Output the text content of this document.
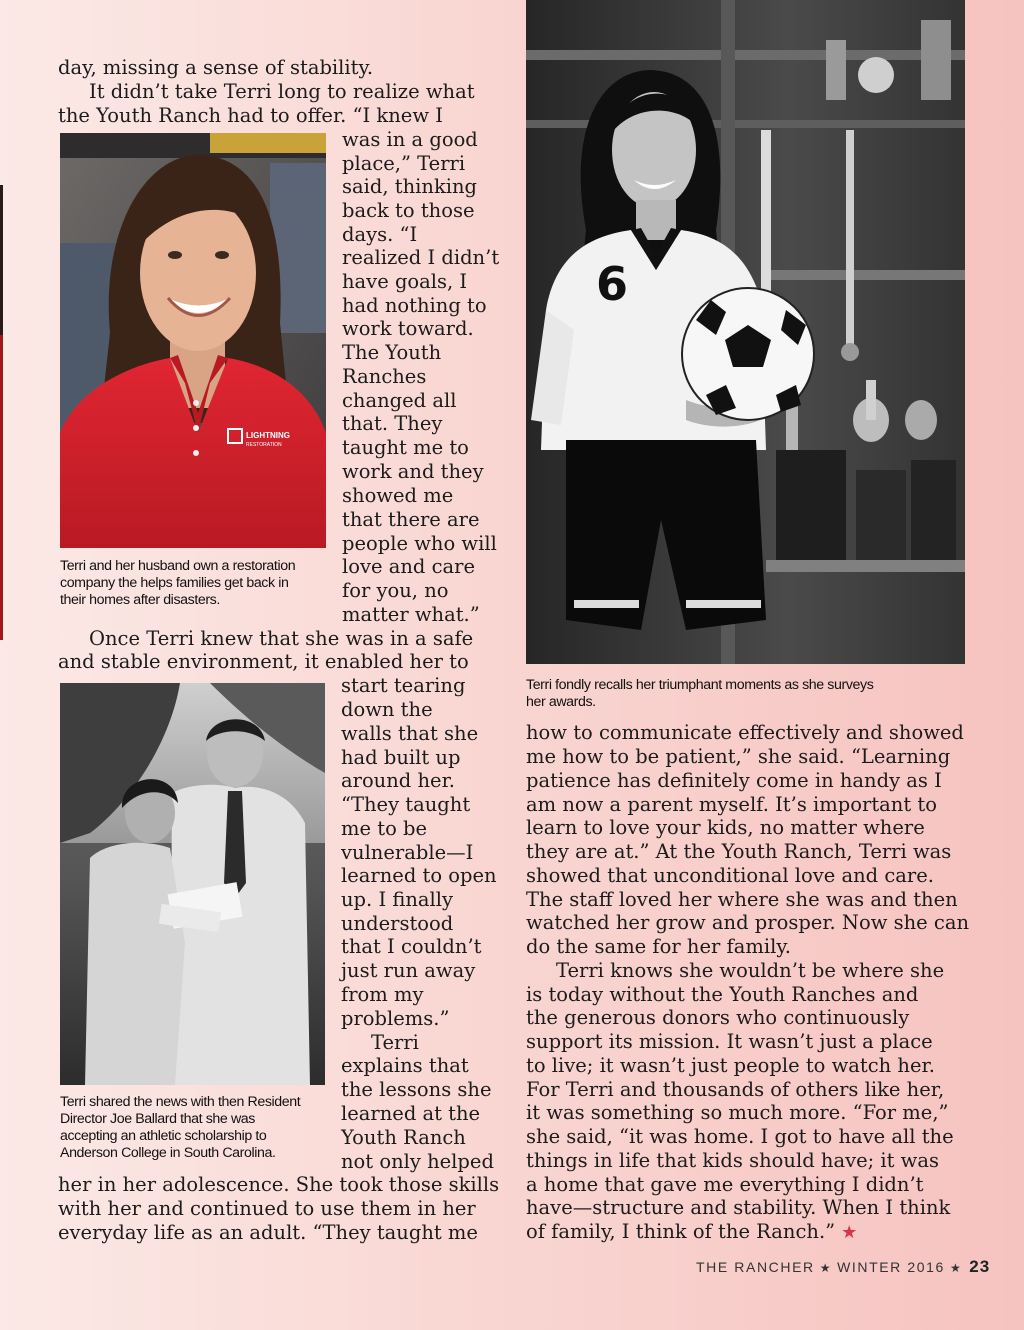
day, missing a sense of stability.
It didn’t take Terri long to realize what
the Youth Ranch had to offer. “I knew I
was in a good
place,” Terri
said, thinking
back to those
days. “I
realized I didn’t
have goals, I
had nothing to
work toward.
The Youth
Ranches
changed all
that. They
taught me to
work and they
showed me
that there are
people who will
love and care
for you, no
matter what.”
Once Terri knew that she was in a safe
and stable environment, it enabled her to
start tearing
down the
walls that she
had built up
around her.
“They taught
me to be
vulnerable—I
learned to open
up. I finally
understood
that I couldn’t
just run away
from my
problems.”
Terri
explains that
the lessons she
learned at the
Youth Ranch
not only helped
her in her adolescence. She took those skills
with her and continued to use them in her
everyday life as an adult. “They taught me
how to communicate effectively and showed
me how to be patient,” she said. “Learning
patience has definitely come in handy as I
am now a parent myself. It’s important to
learn to love your kids, no matter where
they are at.” At the Youth Ranch, Terri was
showed that unconditional love and care.
The staff loved her where she was and then
watched her grow and prosper. Now she can
do the same for her family.
Terri knows she wouldn’t be where she
is today without the Youth Ranches and
the generous donors who continuously
support its mission. It wasn’t just a place
to live; it wasn’t just people to watch her.
For Terri and thousands of others like her,
it was something so much more. “For me,”
she said, “it was home. I got to have all the
things in life that kids should have; it was
a home that gave me everything I didn’t
have—structure and stability. When I think
of family, I think of the Ranch.” ★
LIGHTNING
RESTORATION
Terri and her husband own a restoration
company the helps families get back in
their homes after disasters.
Terri shared the news with then Resident
Director Joe Ballard that she was
accepting an athletic scholarship to
Anderson College in South Carolina.
6
Terri fondly recalls her triumphant moments as she surveys
her awards.
THE RANCHER ★ WINTER 2016 ★ 23
